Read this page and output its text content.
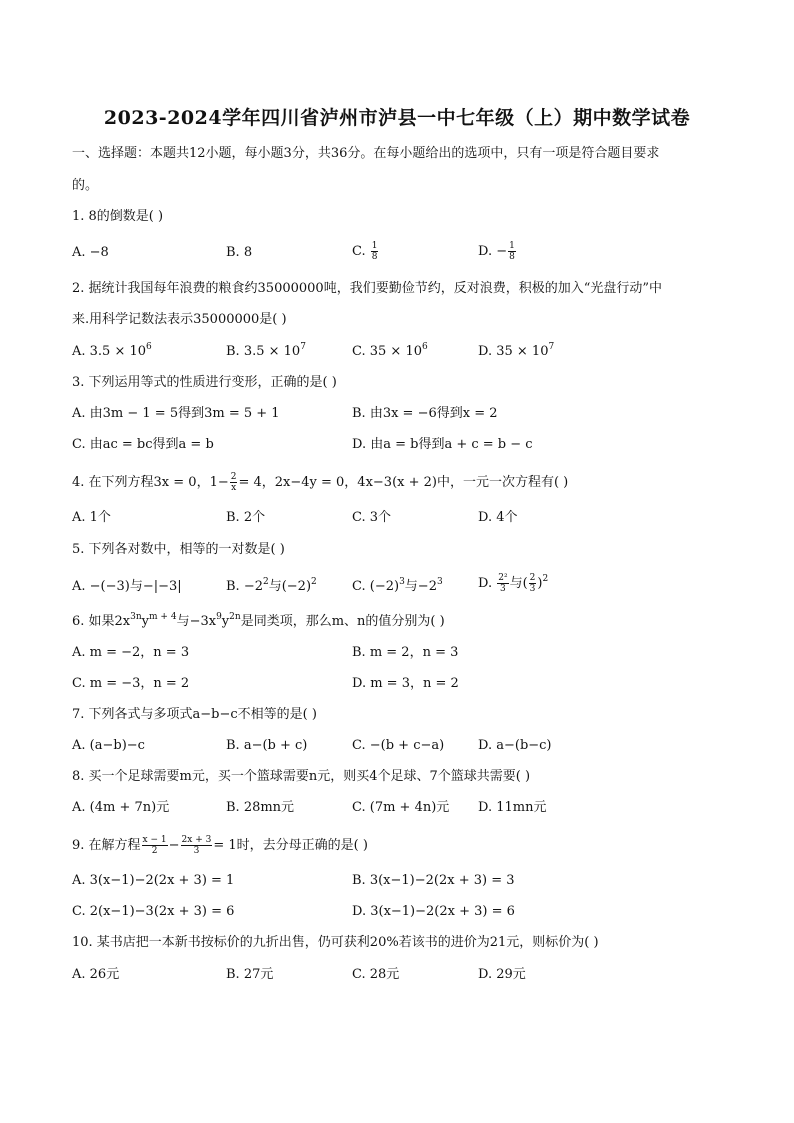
2023-2024学年四川省泸州市泸县一中七年级（上）期中数学试卷
一、选择题：本题共12小题，每小题3分，共36分。在每小题给出的选项中，只有一项是符合题目要求
的。
1. 8的倒数是( )
A. −8	B. 8	C. $\frac{1}{8}$	D. − $\frac{1}{8}$
2. 据统计我国每年浪费的粮食约35000000吨，我们要勤俭节约，反对浪费，积极的加入“光盘行动”中
来.用科学记数法表示35000000是( )
A. $3.5 \times 10^6$	B. $3.5 \times 10^7$	C. $35 \times 10^6$	D. $35 \times 10^7$
3. 下列运用等式的性质进行变形，正确的是( )
A. 由3m − 1 = 5得到3m = 5 + 1	B. 由3x = −6得到x = 2
C. 由ac = bc得到a = b	D. 由a = b得到a + c = b − c
4. 在下列方程3x = 0，$1- \frac{2}{x} = 4$，2x−4y = 0，4x−3(x + 2)中，一元一次方程有( )
A. 1个	B. 2个	C. 3个	D. 4个
5. 下列各对数中，相等的一对数是( )
A. −(−3)与−|−3|	B. $-2^2$与$(-2)^2$	C. $(-2)^3$与$-2^3$	D. $\frac{\text{2²}}{3}$ 与( $\frac{2}{3} )^2$
6. 如果$2x^{3n}y^{m + 4}$与$-3x^9y^{2n}$是同类项，那么m、n的值分别为( )
A. m = −2，n = 3	B. m = 2，n = 3
C. m = −3，n = 2	D. m = 3，n = 2
7. 下列各式与多项式a−b−c不相等的是( )
A. (a−b)−c	B. a−(b + c)	C. −(b + c−a)	D. a−(b−c)
8. 买一个足球需要m元，买一个篮球需要n元，则买4个足球、7个篮球共需要( )
A. (4m + 7n)元	B. 28mn元	C. (7m + 4n)元 D. 11mn元
9. 在解方程 $\frac{x - 1}{2} - \frac{2x + 3}{3} = 1$时，去分母正确的是( )
A. 3(x−1)−2(2x + 3) = 1	B. 3(x−1)−2(2x + 3) = 3
C. 2(x−1)−3(2x + 3) = 6	D. 3(x−1)−2(2x + 3) = 6
10. 某书店把一本新书按标价的九折出售，仍可获利20%若该书的进价为21元，则标价为( )
A. 26元	B. 27元	C. 28元	D. 29元
